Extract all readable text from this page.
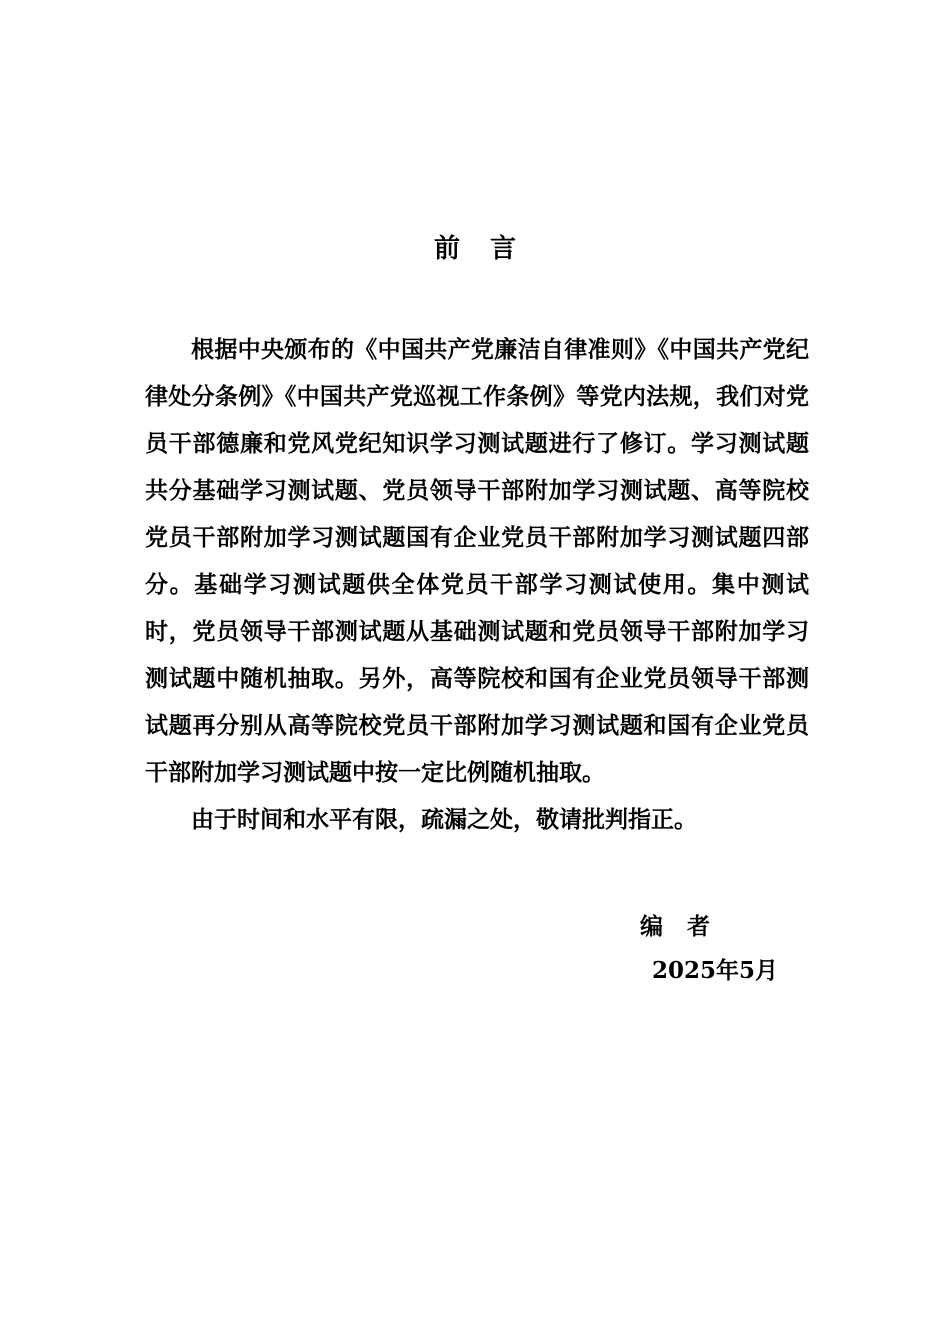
前言

根据中央颁布的《中国共产党廉洁自律准则》《中国共产党纪律处分条例》《中国共产党巡视工作条例》等党内法规，我们对党员干部德廉和党风党纪知识学习测试题进行了修订。学习测试题共分基础学习测试题、党员领导干部附加学习测试题、高等院校党员干部附加学习测试题国有企业党员干部附加学习测试题四部分。基础学习测试题供全体党员干部学习测试使用。集中测试时，党员领导干部测试题从基础测试题和党员领导干部附加学习测试题中随机抽取。另外，高等院校和国有企业党员领导干部测试题再分别从高等院校党员干部附加学习测试题和国有企业党员干部附加学习测试题中按一定比例随机抽取。

由于时间和水平有限，疏漏之处，敬请批判指正。

编者
2025年5月
